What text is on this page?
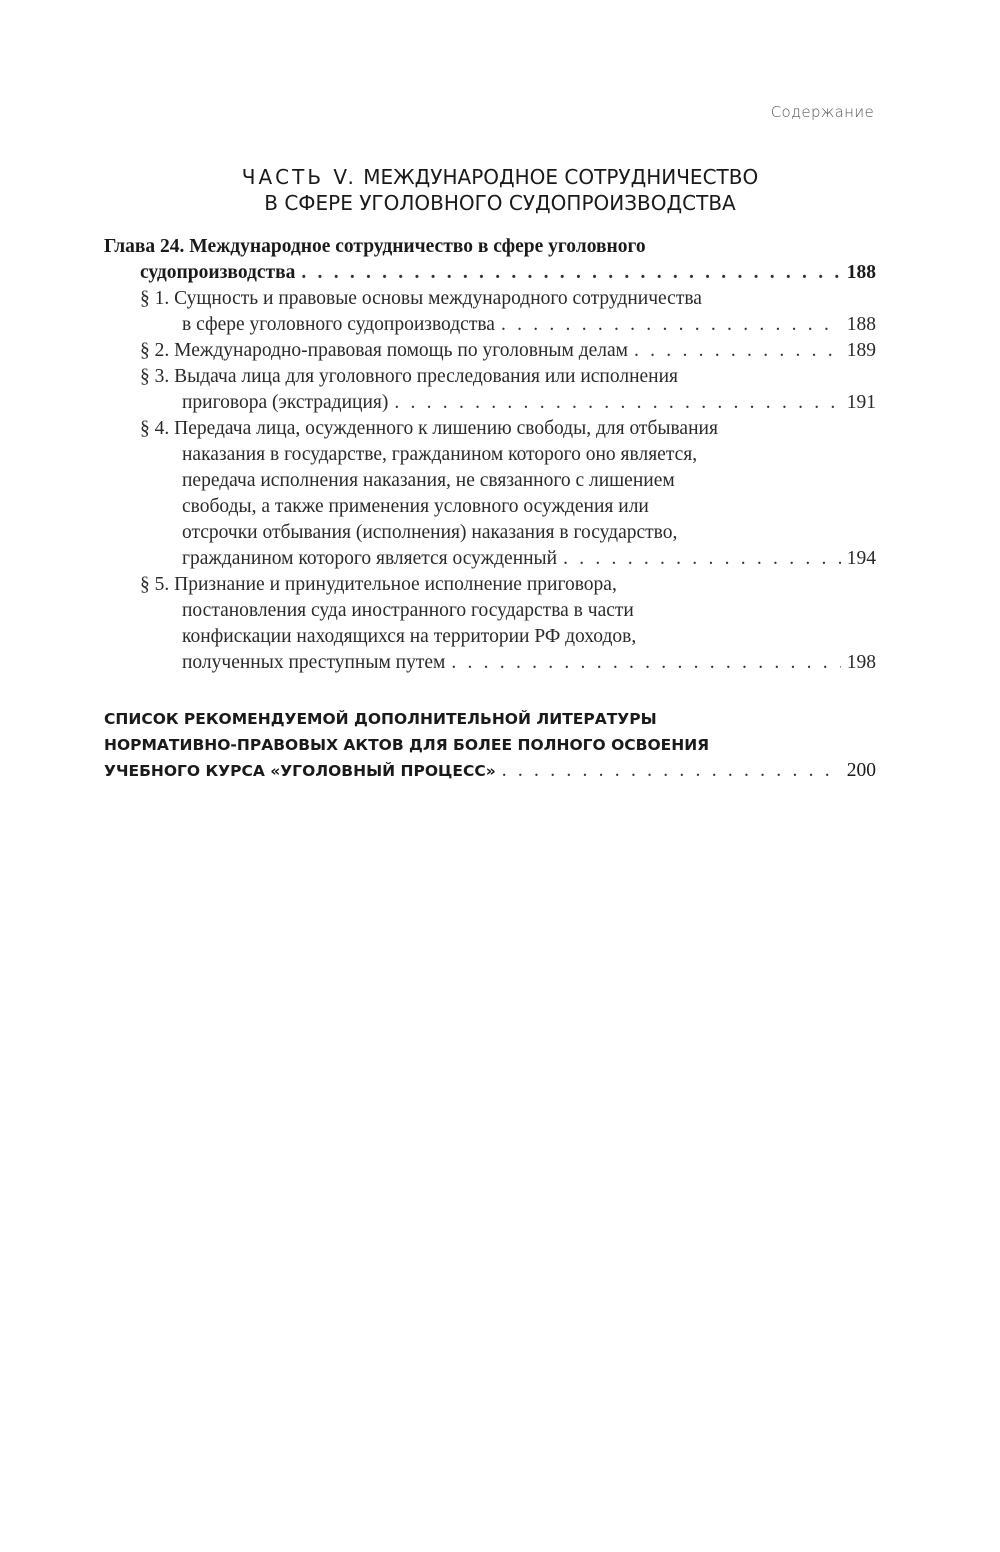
Содержание
ЧАСТЬ V. МЕЖДУНАРОДНОЕ СОТРУДНИЧЕСТВО
В СФЕРЕ УГОЛОВНОГО СУДОПРОИЗВОДСТВА
Глава 24. Международное сотрудничество в сфере уголовного
судопроизводства . . .	188
§ 1. Сущность и правовые основы международного сотрудничества
в сфере уголовного судопроизводства . . .	188
§ 2. Международно-правовая помощь по уголовным делам . . .	189
§ 3. Выдача лица для уголовного преследования или исполнения
приговора (экстрадиция) . . .	191
§ 4. Передача лица, осужденного к лишению свободы, для отбывания
наказания в государстве, гражданином которого оно является,
передача исполнения наказания, не связанного с лишением
свободы, а также применения условного осуждения или
отсрочки отбывания (исполнения) наказания в государство,
гражданином которого является осужденный . . .	194
§ 5. Признание и принудительное исполнение приговора,
постановления суда иностранного государства в части
конфискации находящихся на территории РФ доходов,
полученных преступным путем . . .	198
СПИСОК РЕКОМЕНДУЕМОЙ ДОПОЛНИТЕЛЬНОЙ ЛИТЕРАТУРЫ
НОРМАТИВНО-ПРАВОВЫХ АКТОВ ДЛЯ БОЛЕЕ ПОЛНОГО ОСВОЕНИЯ
УЧЕБНОГО КУРСА «УГОЛОВНЫЙ ПРОЦЕСС» . . .	200
